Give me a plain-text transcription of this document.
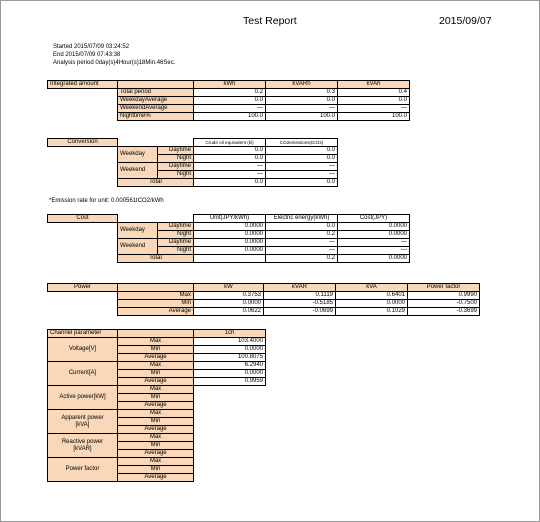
Test Report	2015/09/07
Started 2015/07/09 03:24:52
End 2015/07/09 07:43:38
Analysis period 0day(s)4Hour(s)18Min.46Sec.
Integrated amount		kWh	kVARh	kVAh
	Total period	0.2	0.3	0.4
	WeekdayAverage	0.0	0.0	0.0
	WeekendAverage	—	—	—
	Nighttime%	100.0	100.0	100.0
Conversion			Crude oil equivalent (kl)	CO2emissions(tCO2)
	Weekday	Daytime	0.0	0.0
		Night	0.0	0.0
	Weekend	Daytime	—	—
		Night	—	—
	Total		0.0	0.0
*Emission rate for unit: 0.000561tCO2/kWh
Cost			Unit(JPY/kWh)	Electric energy(kWh)	Cost(JPY)
	Weekday	Daytime	0.0000	0.0	0.0000
		Night	0.0000	0.2	0.0000
	Weekend	Daytime	0.0000	—	—
		Night	0.0000	—	—
	Total			0.2	0.0000
Power		kW	kVAR	kVA	Power factor
	Max	0.3753	0.1119	0.6401	0.9990
	Min	0.0000	-0.5185	0.0000	-0.7500
	Average	0.0622	-0.0699	0.1029	-0.3699
Channel parameter		1ch
Voltage[V]	Max	103.4000
	Min	0.0000
	Average	100.8075
Current[A]	Max	6.2940
	Min	0.0000
	Average	0.9959
Active power[kW]	Max	
	Min	
	Average	
Apparent power
[kVA]	Max	
	Min	
	Average	
Reactive power
[kVAR]	Max	
	Min	
	Average	
Power factor	Max	
	Min	
	Average	
